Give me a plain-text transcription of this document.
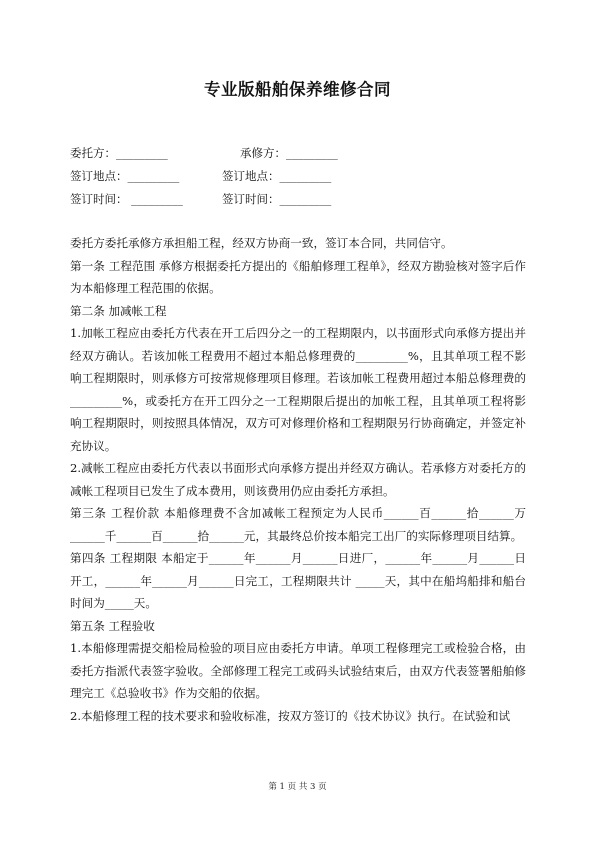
专业版船舶保养维修合同
委托方：_________	承修方：_________
签订地点：_________	签订地点：_________
签订时间： _________	签订时间：_________

委托方委托承修方承担船工程，经双方协商一致，签订本合同，共同信守。

第一条 工程范围 承修方根据委托方提出的《船舶修理工程单》，经双方勘验核对签字后作为本船修理工程范围的依据。

第二条 加减帐工程

1.加帐工程应由委托方代表在开工后四分之一的工程期限内，以书面形式向承修方提出并经双方确认。若该加帐工程费用不超过本船总修理费的_________%，且其单项工程不影响工程期限时，则承修方可按常规修理项目修理。若该加帐工程费用超过本船总修理费的_________%，或委托方在开工四分之一工程期限后提出的加帐工程，且其单项工程将影响工程期限时，则按照具体情况，双方可对修理价格和工程期限另行协商确定，并签定补充协议。

2.减帐工程应由委托方代表以书面形式向承修方提出并经双方确认。若承修方对委托方的减帐工程项目已发生了成本费用，则该费用仍应由委托方承担。

第三条 工程价款 本船修理费不含加减帐工程预定为人民币______百______拾______万______千______百______拾______元，其最终总价按本船完工出厂的实际修理项目结算。

第四条 工程期限 本船定于______年______月______日进厂，______年______月______日开工，______年______月______日完工，工程期限共计 _____天，其中在船坞船排和船台时间为_____天。

第五条 工程验收

1.本船修理需提交船检局检验的项目应由委托方申请。单项工程修理完工或检验合格，由委托方指派代表签字验收。全部修理工程完工或码头试验结束后，由双方代表签署船舶修理完工《总验收书》作为交船的依据。

2.本船修理工程的技术要求和验收标准，按双方签订的《技术协议》执行。在试验和试

第 1 页 共 3 页
